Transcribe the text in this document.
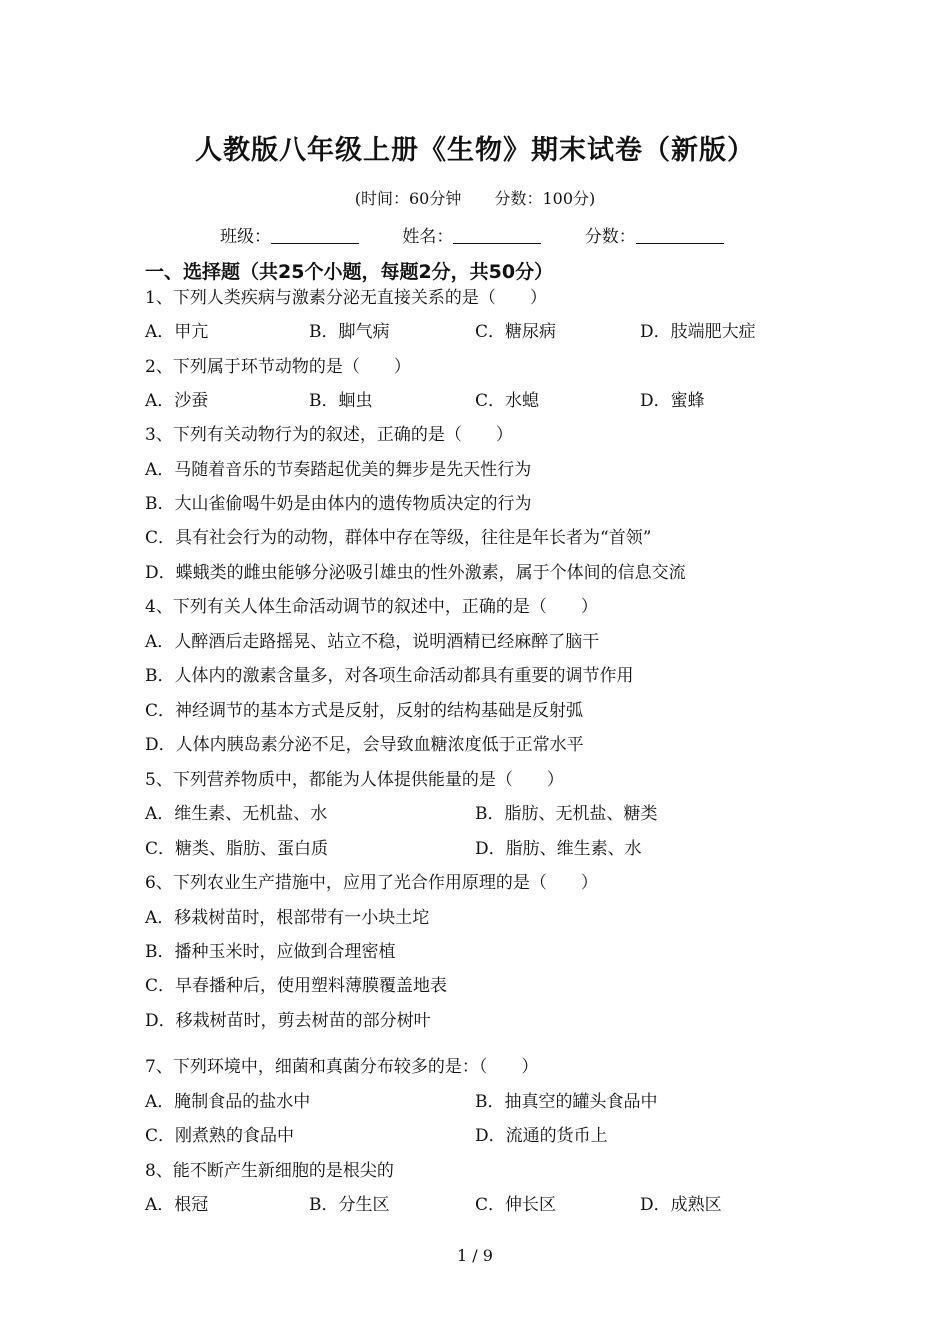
人教版八年级上册《生物》期末试卷（新版）
(时间：60分钟 分数：100分)
班级：	姓名：	分数：
一、选择题（共25个小题，每题2分，共50分）
1、下列人类疾病与激素分泌无直接关系的是（　　）
A．甲亢	B．脚气病	C．糖尿病	D．肢端肥大症
2、下列属于环节动物的是（　　）
A．沙蚕	B．蛔虫	C．水螅	D．蜜蜂
3、下列有关动物行为的叙述，正确的是（　　）
A．马随着音乐的节奏踏起优美的舞步是先天性行为
B．大山雀偷喝牛奶是由体内的遗传物质决定的行为
C．具有社会行为的动物，群体中存在等级，往往是年长者为“首领”
D．蝶蛾类的雌虫能够分泌吸引雄虫的性外激素，属于个体间的信息交流
4、下列有关人体生命活动调节的叙述中，正确的是（　　）
A．人醉酒后走路摇晃、站立不稳，说明酒精已经麻醉了脑干
B．人体内的激素含量多，对各项生命活动都具有重要的调节作用
C．神经调节的基本方式是反射，反射的结构基础是反射弧
D．人体内胰岛素分泌不足，会导致血糖浓度低于正常水平
5、下列营养物质中，都能为人体提供能量的是（　　）
A．维生素、无机盐、水	B．脂肪、无机盐、糖类
C．糖类、脂肪、蛋白质	D．脂肪、维生素、水
6、下列农业生产措施中，应用了光合作用原理的是（　　）
A．移栽树苗时，根部带有一小块土坨
B．播种玉米时，应做到合理密植
C．早春播种后，使用塑料薄膜覆盖地表
D．移栽树苗时，剪去树苗的部分树叶
7、下列环境中，细菌和真菌分布较多的是：（　　）
A．腌制食品的盐水中	B．抽真空的罐头食品中
C．刚煮熟的食品中	D．流通的货币上
8、能不断产生新细胞的是根尖的
A．根冠	B．分生区	C．伸长区	D．成熟区
1 / 9
